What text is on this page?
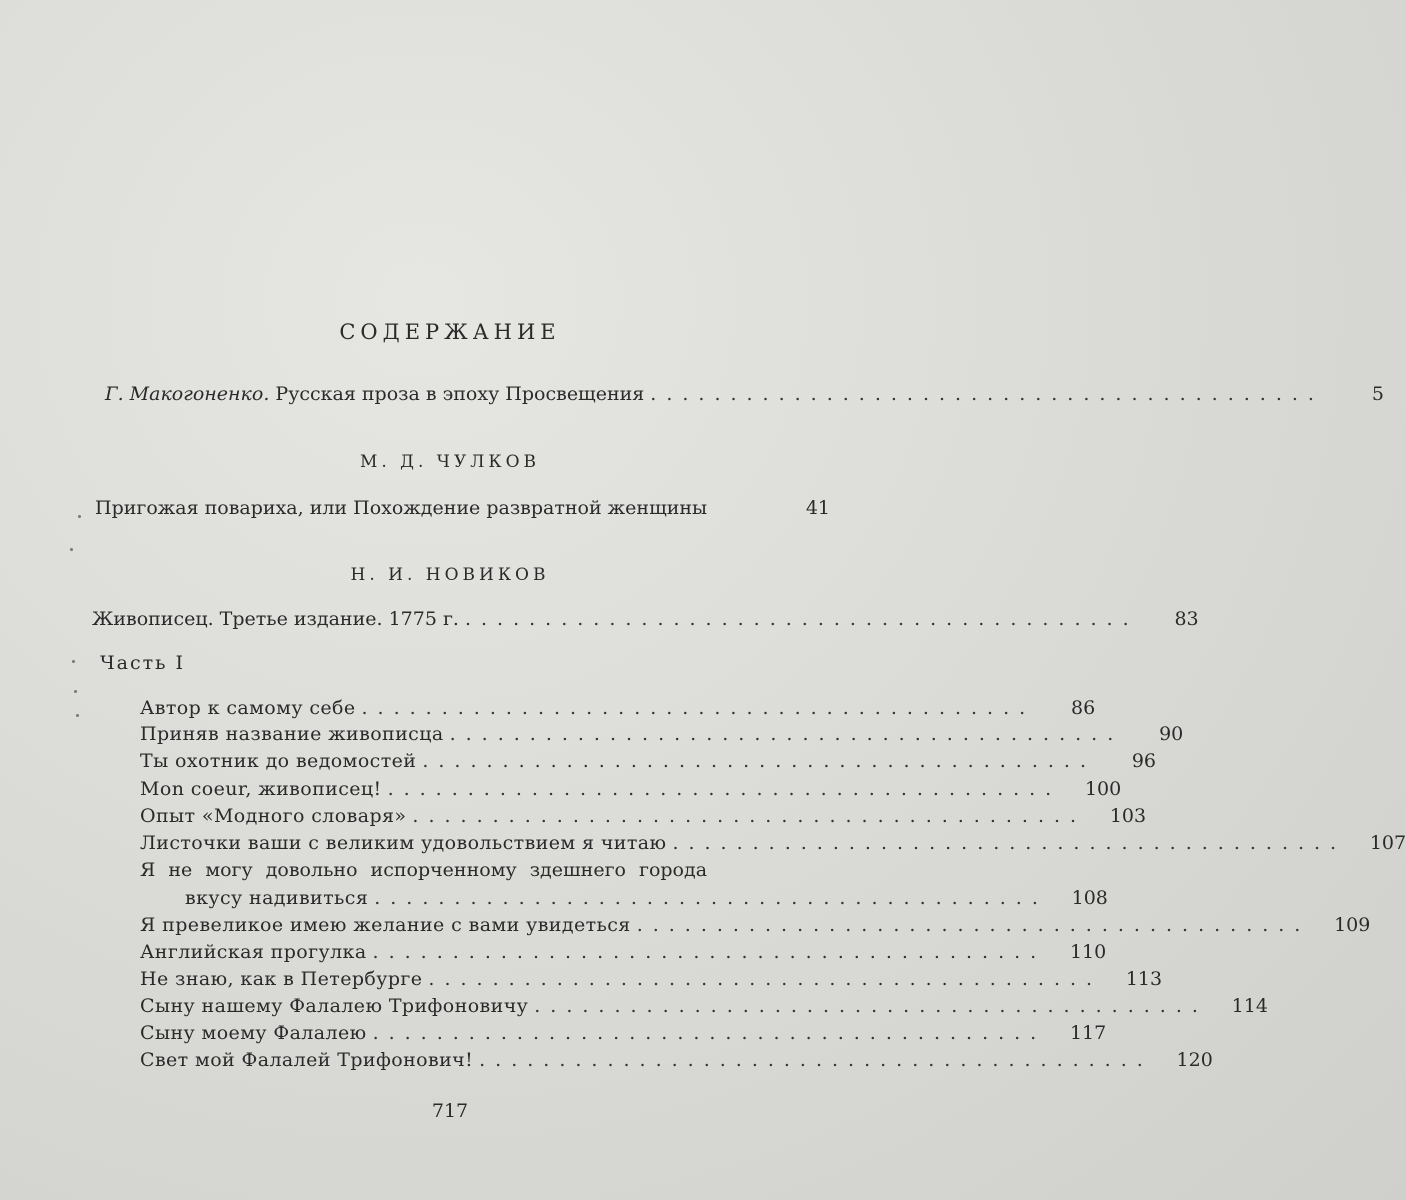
СОДЕРЖАНИЕ
Г. Макогоненко. Русская проза в эпоху Просвещения ..........................................	5
М. Д. ЧУЛКОВ
Пригожая повариха, или Похождение развратной женщины	41
Н. И. НОВИКОВ
Живописец. Третье издание. 1775 г. ..........................................	83
Часть I
Автор к самому себе ..........................................	86
Приняв название живописца ..........................................	90
Ты охотник до ведомостей ..........................................	96
Mon coeur, живописец! ..........................................	100
Опыт «Модного словаря» ..........................................	103
Листочки ваши с великим удовольствием я читаю ..........................................	107
Я не могу довольно испорченному здешнего города
вкусу надивиться ..........................................	108
Я превеликое имею желание с вами увидеться ..........................................	109
Английская прогулка ..........................................	110
Не знаю, как в Петербурге ..........................................	113
Сыну нашему Фалалею Трифоновичу ..........................................	114
Сыну моему Фалалею ..........................................	117
Свет мой Фалалей Трифонович! ..........................................	120
717
